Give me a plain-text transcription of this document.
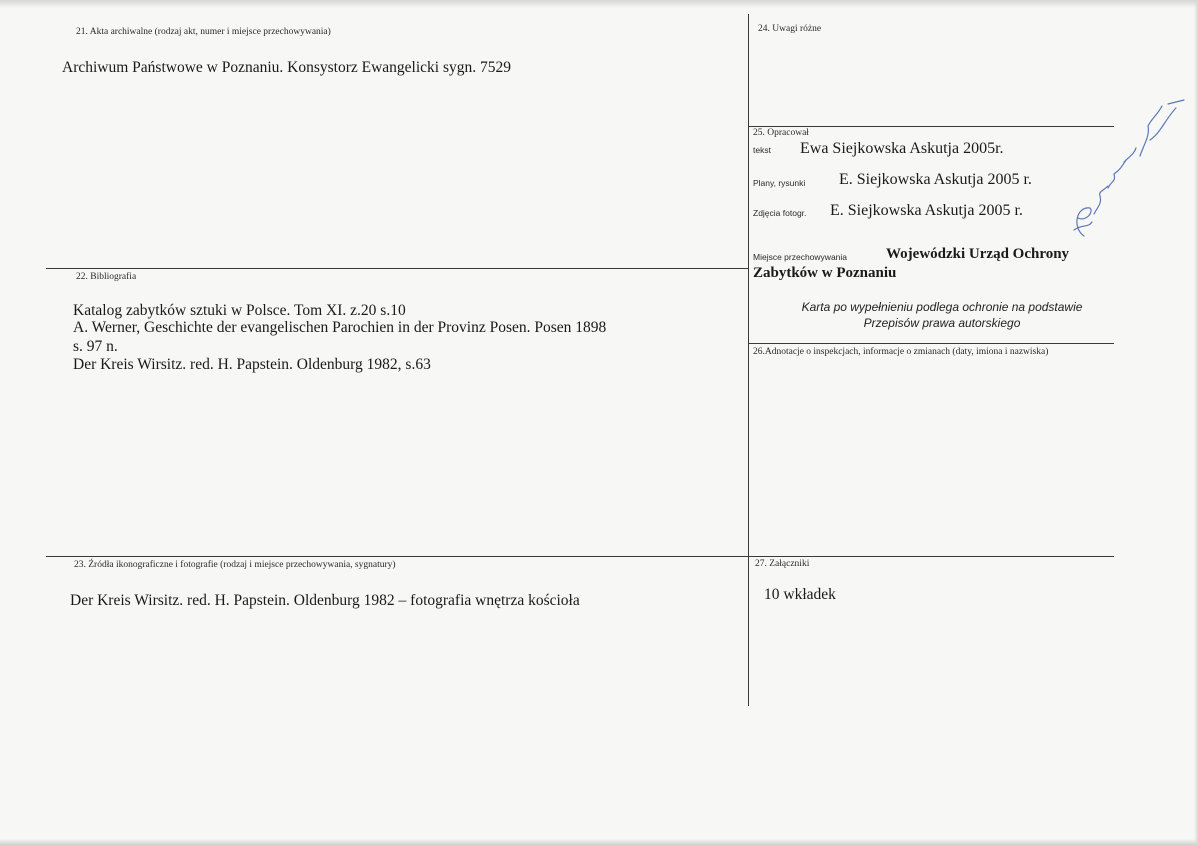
21. Akta archiwalne (rodzaj akt, numer i miejsce przechowywania)
Archiwum Państwowe w Poznaniu. Konsystorz Ewangelicki sygn. 7529
22. Bibliografia
Katalog zabytków sztuki w Polsce. Tom XI. z.20 s.10
A. Werner, Geschichte der evangelischen Parochien in der Provinz Posen. Posen 1898
s. 97 n.
Der Kreis Wirsitz. red. H. Papstein. Oldenburg 1982, s.63
23. Źródła ikonograficzne i fotografie (rodzaj i miejsce przechowywania, sygnatury)
Der Kreis Wirsitz. red. H. Papstein. Oldenburg 1982 – fotografia wnętrza kościoła
24. Uwagi różne
25. Opracował
tekst Ewa Siejkowska Askutja 2005r.
Plany, rysunki E. Siejkowska Askutja 2005 r.
Zdjęcia fotogr. E. Siejkowska Askutja 2005 r.
Miejsce przechowywania	Wojewódzki Urząd Ochrony
Zabytków w Poznaniu
Karta po wypełnieniu podlega ochronie na podstawie
Przepisów prawa autorskiego
26.Adnotacje o inspekcjach, informacje o zmianach (daty, imiona i nazwiska)
27. Załączniki
10 wkładek
